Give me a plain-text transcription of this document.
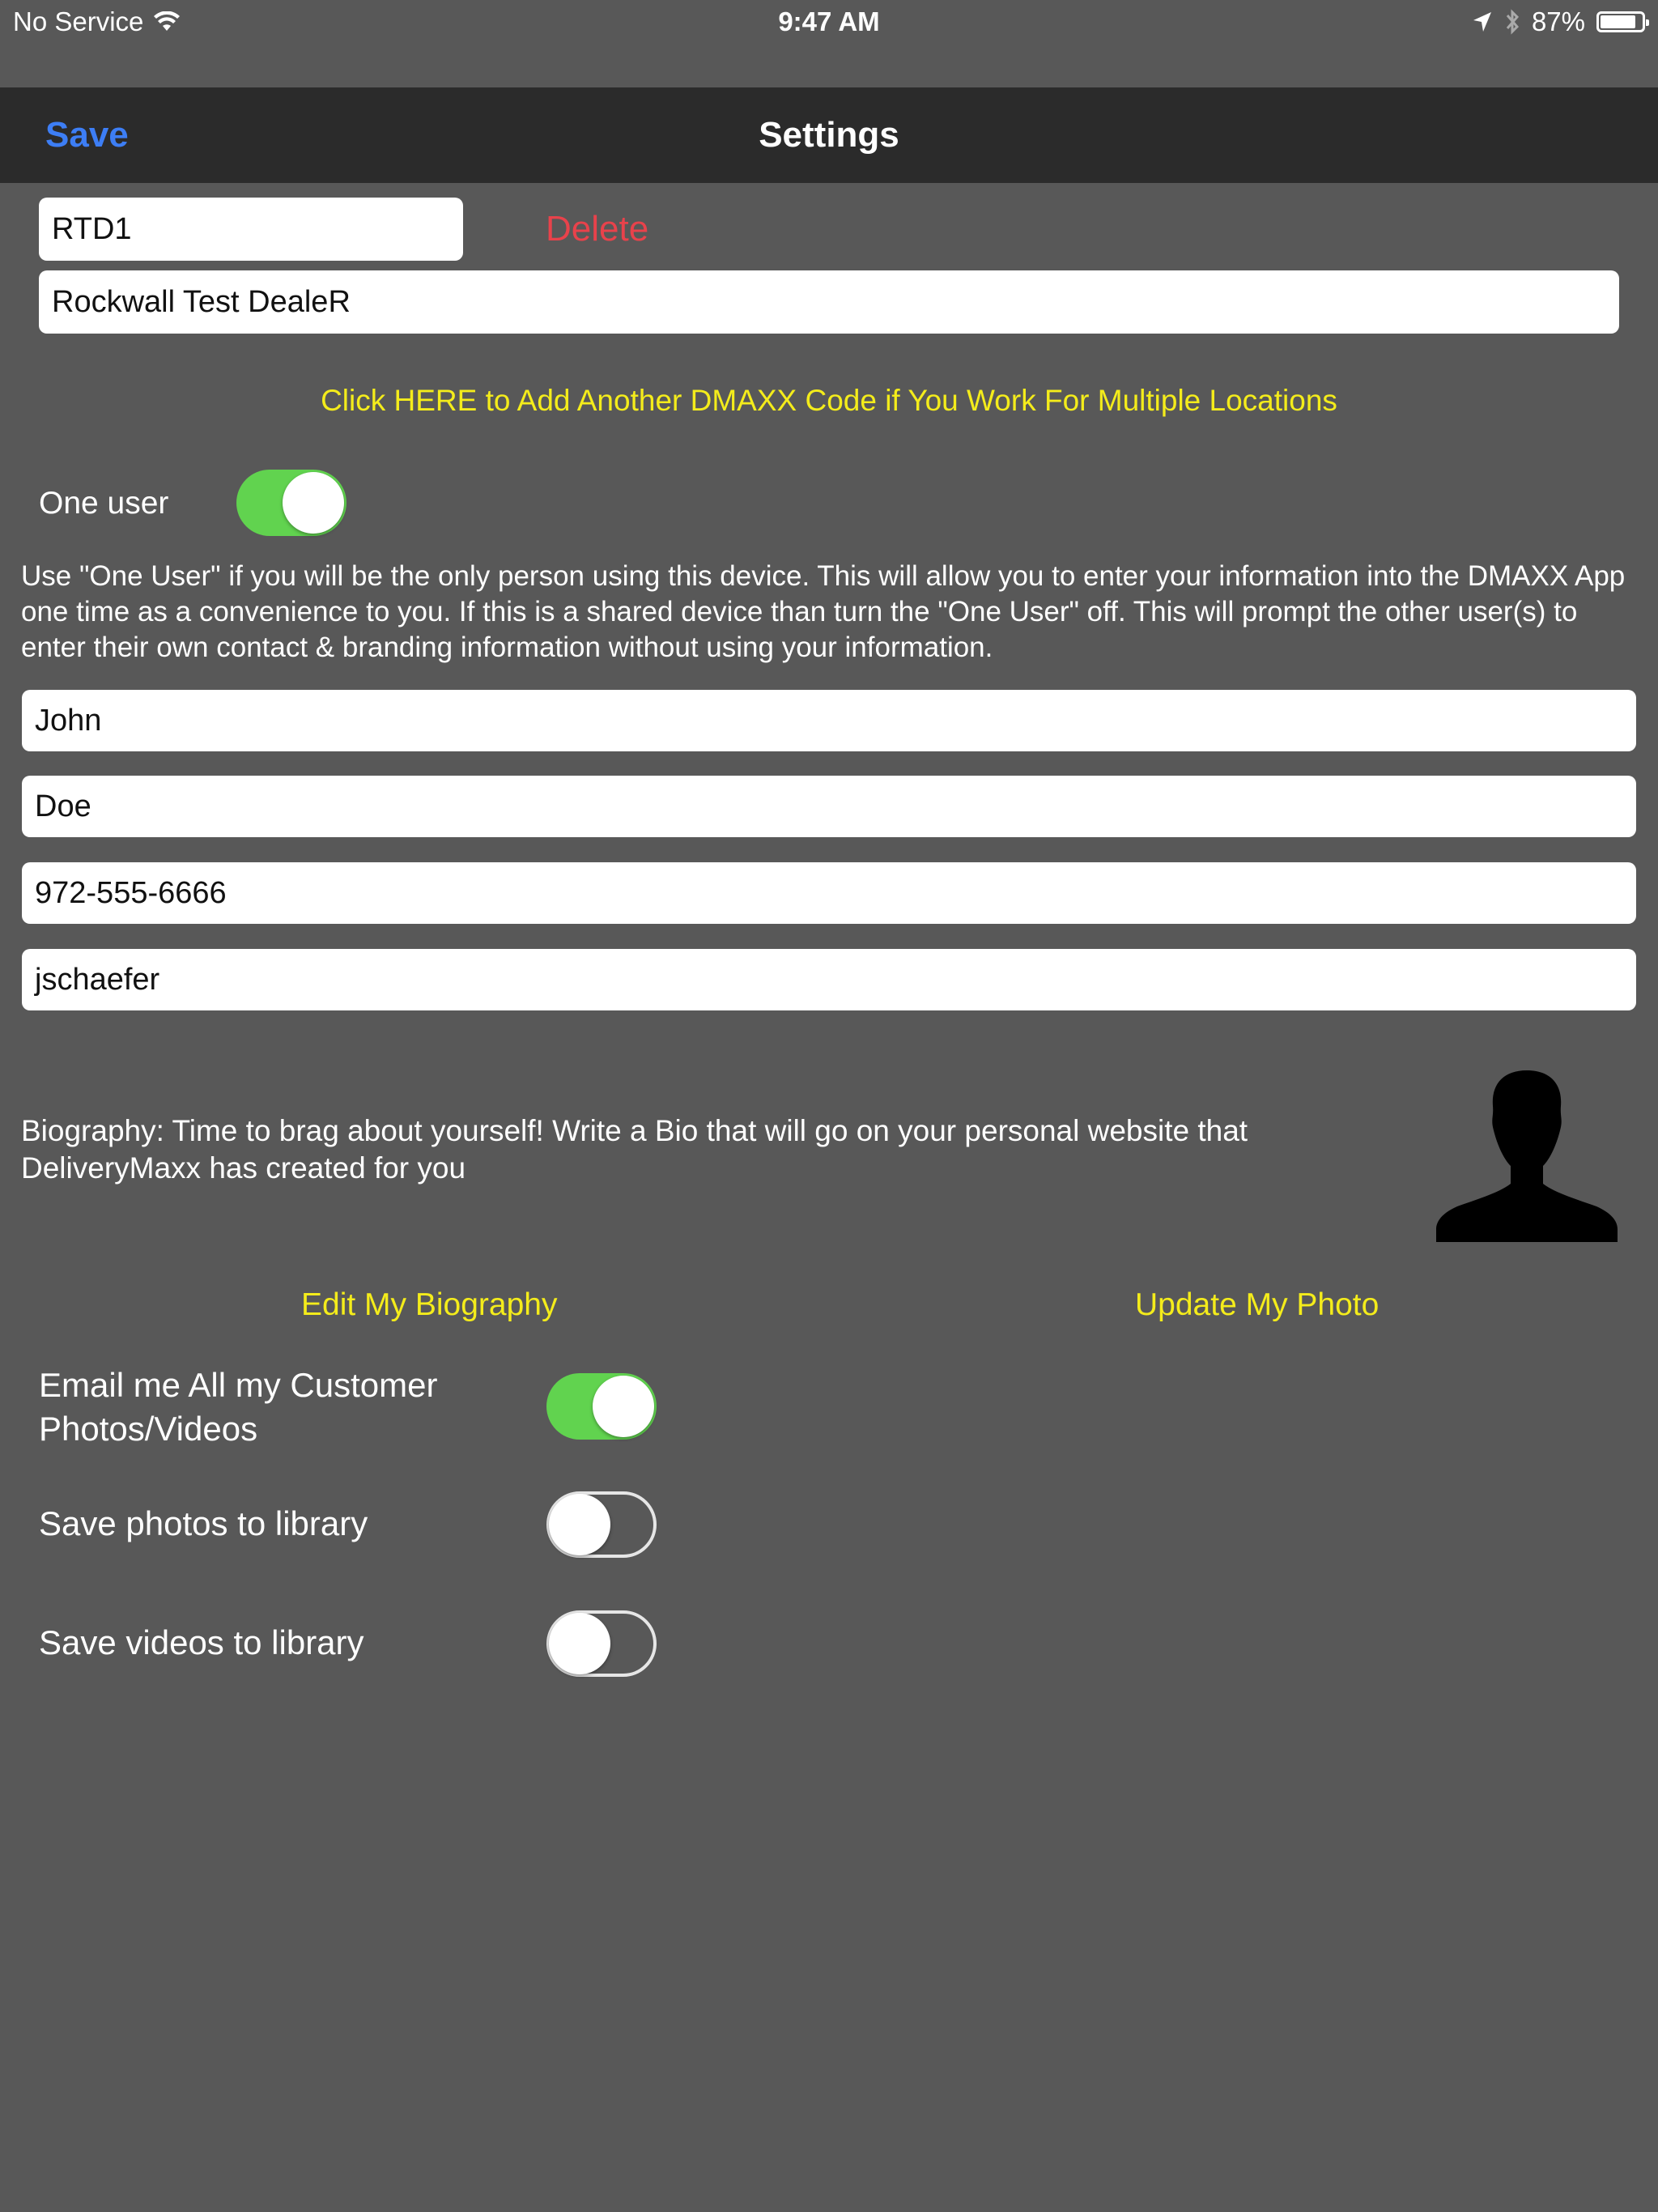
No Service	9:47 AM	87%
Save	Settings
RTD1	Delete
Rockwall Test DealeR
Click HERE to Add Another DMAXX Code if You Work For Multiple Locations
One user
Use "One User" if you will be the only person using this device. This will allow you to enter your information into the DMAXX App one time as a convenience to you. If this is a shared device than turn the "One User" off. This will prompt the other user(s) to enter their own contact & branding information without using your information.
John
Doe
972-555-6666
jschaefer
Biography: Time to brag about yourself! Write a Bio that will go on your personal website that DeliveryMaxx has created for you
Edit My Biography	Update My Photo
Email me All my Customer Photos/Videos
Save photos to library
Save videos to library
